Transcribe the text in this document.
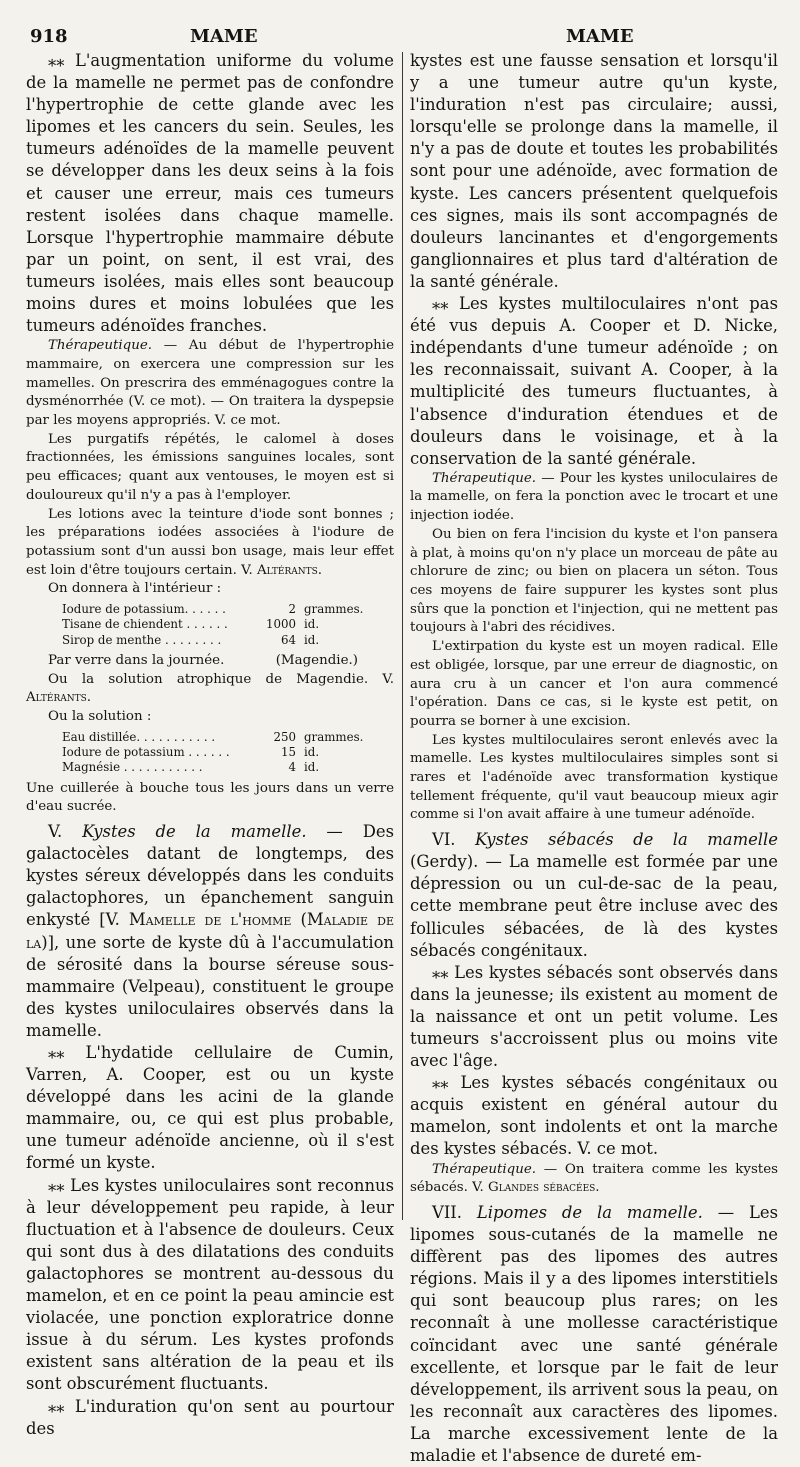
918	MAME	MAME

⁎⁎ L'augmentation uniforme du volume de la mamelle ne permet pas de confondre l'hypertrophie de cette glande avec les lipomes et les cancers du sein. Seules, les tumeurs adénoïdes de la mamelle peuvent se développer dans les deux seins à la fois et causer une erreur, mais ces tumeurs restent isolées dans chaque mamelle. Lorsque l'hypertrophie mammaire débute par un point, on sent, il est vrai, des tumeurs isolées, mais elles sont beaucoup moins dures et moins lobulées que les tumeurs adénoïdes franches.

Thérapeutique. — Au début de l'hypertrophie mammaire, on exercera une compression sur les mamelles. On prescrira des emménagogues contre la dysménorrhée (V. ce mot). — On traitera la dyspepsie par les moyens appropriés. V. ce mot.

Les purgatifs répétés, le calomel à doses fractionnées, les émissions sanguines locales, sont peu efficaces; quant aux ventouses, le moyen est si douloureux qu'il n'y a pas à l'employer.

Les lotions avec la teinture d'iode sont bonnes ; les préparations iodées associées à l'iodure de potassium sont d'un aussi bon usage, mais leur effet est loin d'être toujours certain. V. Altérants.

On donnera à l'intérieur :

Iodure de potassium. . . . . .	2	grammes.
Tisane de chiendent . . . . . .	1000	id.
Sirop de menthe . . . . . . . .	64	id.
Par verre dans la journée.	(Magendie.)

Ou la solution atrophique de Magendie. V. Altérants.

Ou la solution :

Eau distillée. . . . . . . . . . .	250	grammes.
Iodure de potassium . . . . . .	15	id.
Magnésie . . . . . . . . . . .	4	id.

Une cuillerée à bouche tous les jours dans un verre d'eau sucrée.

V. Kystes de la mamelle. — Des galactocèles datant de longtemps, des kystes séreux développés dans les conduits galactophores, un épanchement sanguin enkysté [V. Mamelle de l'homme (Maladie de la)], une sorte de kyste dû à l'accumulation de sérosité dans la bourse séreuse sous-mammaire (Velpeau), constituent le groupe des kystes uniloculaires observés dans la mamelle.

⁎⁎ L'hydatide cellulaire de Cumin, Varren, A. Cooper, est ou un kyste développé dans les acini de la glande mammaire, ou, ce qui est plus probable, une tumeur adénoïde ancienne, où il s'est formé un kyste.

⁎⁎ Les kystes uniloculaires sont reconnus à leur développement peu rapide, à leur fluctuation et à l'absence de douleurs. Ceux qui sont dus à des dilatations des conduits galactophores se montrent au-dessous du mamelon, et en ce point la peau amincie est violacée, une ponction exploratrice donne issue à du sérum. Les kystes profonds existent sans altération de la peau et ils sont obscurément fluctuants.

⁎⁎ L'induration qu'on sent au pourtour des

kystes est une fausse sensation et lorsqu'il y a une tumeur autre qu'un kyste, l'induration n'est pas circulaire; aussi, lorsqu'elle se prolonge dans la mamelle, il n'y a pas de doute et toutes les probabilités sont pour une adénoïde, avec formation de kyste. Les cancers présentent quelquefois ces signes, mais ils sont accompagnés de douleurs lancinantes et d'engorgements ganglionnaires et plus tard d'altération de la santé générale.

⁎⁎ Les kystes multiloculaires n'ont pas été vus depuis A. Cooper et D. Nicke, indépendants d'une tumeur adénoïde ; on les reconnaissait, suivant A. Cooper, à la multiplicité des tumeurs fluctuantes, à l'absence d'induration étendues et de douleurs dans le voisinage, et à la conservation de la santé générale.

Thérapeutique. — Pour les kystes uniloculaires de la mamelle, on fera la ponction avec le trocart et une injection iodée.

Ou bien on fera l'incision du kyste et l'on pansera à plat, à moins qu'on n'y place un morceau de pâte au chlorure de zinc; ou bien on placera un séton. Tous ces moyens de faire suppurer les kystes sont plus sûrs que la ponction et l'injection, qui ne mettent pas toujours à l'abri des récidives.

L'extirpation du kyste est un moyen radical. Elle est obligée, lorsque, par une erreur de diagnostic, on aura cru à un cancer et l'on aura commencé l'opération. Dans ce cas, si le kyste est petit, on pourra se borner à une excision.

Les kystes multiloculaires seront enlevés avec la mamelle. Les kystes multiloculaires simples sont si rares et l'adénoïde avec transformation kystique tellement fréquente, qu'il vaut beaucoup mieux agir comme si l'on avait affaire à une tumeur adénoïde.

VI. Kystes sébacés de la mamelle (Gerdy). — La mamelle est formée par une dépression ou un cul-de-sac de la peau, cette membrane peut être incluse avec des follicules sébacées, de là des kystes sébacés congénitaux.

⁎⁎ Les kystes sébacés sont observés dans dans la jeunesse; ils existent au moment de la naissance et ont un petit volume. Les tumeurs s'accroissent plus ou moins vite avec l'âge.

⁎⁎ Les kystes sébacés congénitaux ou acquis existent en général autour du mamelon, sont indolents et ont la marche des kystes sébacés. V. ce mot.

Thérapeutique. — On traitera comme les kystes sébacés. V. Glandes sébacées.

VII. Lipomes de la mamelle. — Les lipomes sous-cutanés de la mamelle ne diffèrent pas des lipomes des autres régions. Mais il y a des lipomes interstitiels qui sont beaucoup plus rares; on les reconnaît à une mollesse caractéristique coïncidant avec une santé générale excellente, et lorsque par le fait de leur développement, ils arrivent sous la peau, on les reconnaît aux caractères des lipomes. La marche excessivement lente de la maladie et l'absence de dureté em-
